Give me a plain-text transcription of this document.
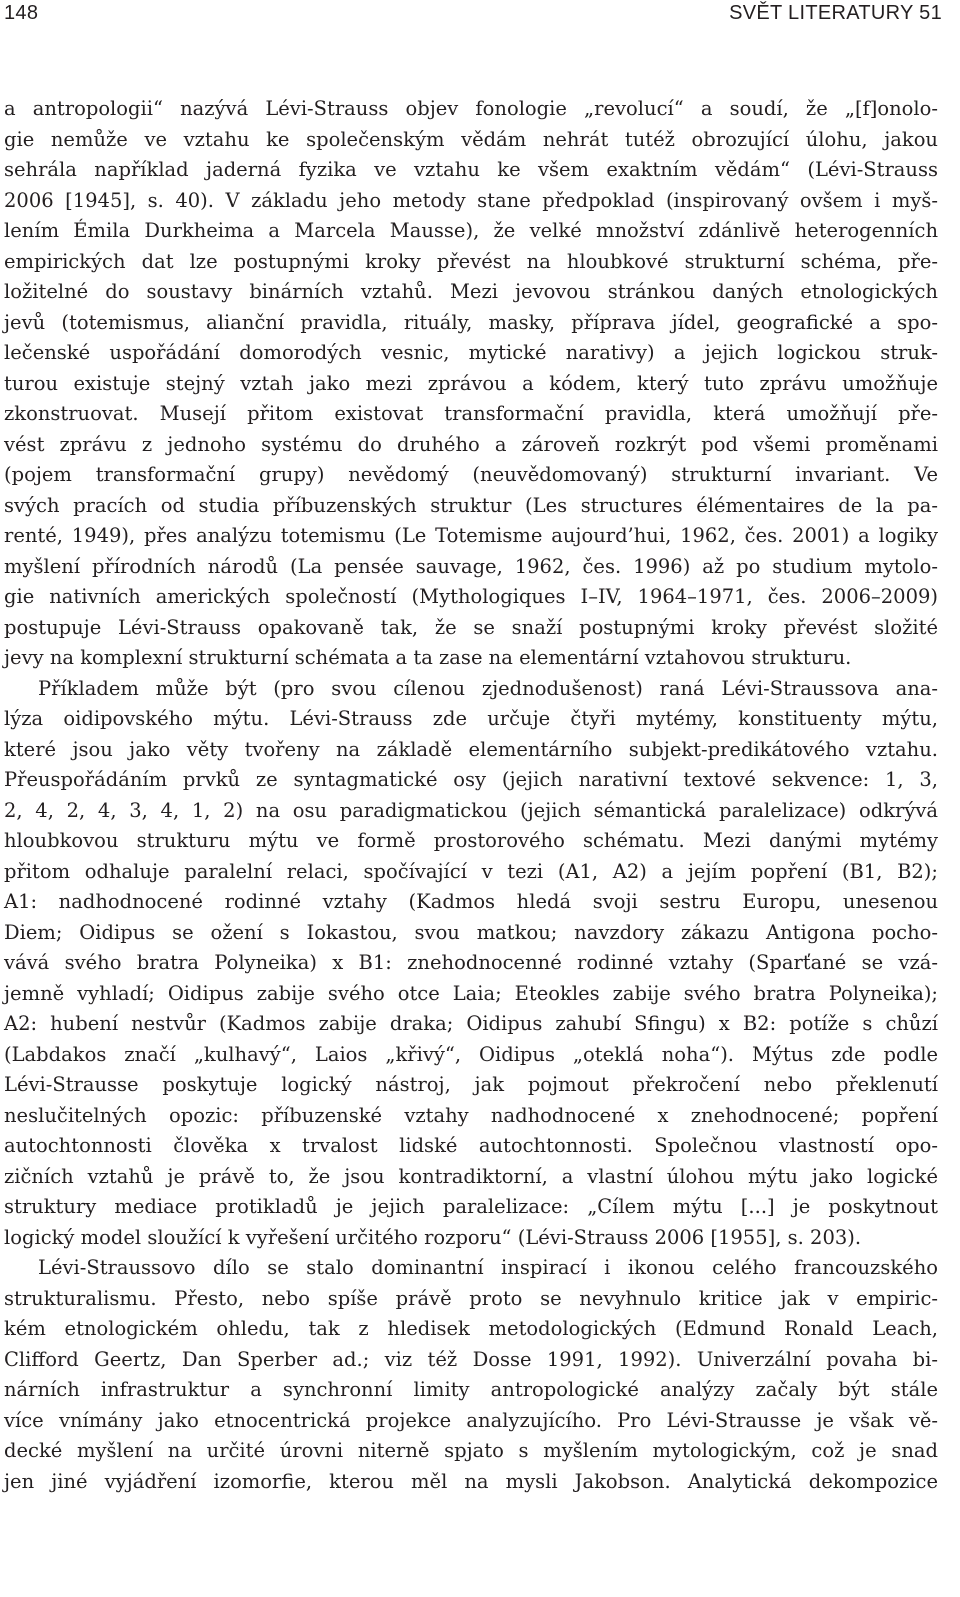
148	SVĚT LITERATURY 51
a antropologii“ nazývá Lévi-Strauss objev fonologie „revolucí“ a soudí, že „[f]onolo-
gie nemůže ve vztahu ke společenským vědám nehrát tutéž obrozující úlohu, jakou
sehrála například jaderná fyzika ve vztahu ke všem exaktním vědám“ (Lévi-Strauss
2006 [1945], s. 40). V základu jeho metody stane předpoklad (inspirovaný ovšem i myš-
lením Émila Durkheima a Marcela Mausse), že velké množství zdánlivě heterogenních
empirických dat lze postupnými kroky převést na hloubkové strukturní schéma, pře-
ložitelné do soustavy binárních vztahů. Mezi jevovou stránkou daných etnologických
jevů (totemismus, alianční pravidla, rituály, masky, příprava jídel, geografické a spo-
lečenské uspořádání domorodých vesnic, mytické narativy) a jejich logickou struk-
turou existuje stejný vztah jako mezi zprávou a kódem, který tuto zprávu umožňuje
zkonstruovat. Musejí přitom existovat transformační pravidla, která umožňují pře-
vést zprávu z jednoho systému do druhého a zároveň rozkrýt pod všemi proměnami
(pojem transformační grupy) nevědomý (neuvědomovaný) strukturní invariant. Ve
svých pracích od studia příbuzenských struktur (Les structures élémentaires de la pa-
renté, 1949), přes analýzu totemismu (Le Totemisme aujourd’hui, 1962, čes. 2001) a logiky
myšlení přírodních národů (La pensée sauvage, 1962, čes. 1996) až po studium mytolo-
gie nativních amerických společností (Mythologiques I–IV, 1964–1971, čes. 2006–2009)
postupuje Lévi-Strauss opakovaně tak, že se snaží postupnými kroky převést složité
jevy na komplexní strukturní schémata a ta zase na elementární vztahovou strukturu.
Příkladem může být (pro svou cílenou zjednodušenost) raná Lévi-Straussova ana-
lýza oidipovského mýtu. Lévi-Strauss zde určuje čtyři mytémy, konstituenty mýtu,
které jsou jako věty tvořeny na základě elementárního subjekt-predikátového vztahu.
Přeuspořádáním prvků ze syntagmatické osy (jejich narativní textové sekvence: 1, 3,
2, 4, 2, 4, 3, 4, 1, 2) na osu paradigmatickou (jejich sémantická paralelizace) odkrývá
hloubkovou strukturu mýtu ve formě prostorového schématu. Mezi danými mytémy
přitom odhaluje paralelní relaci, spočívající v tezi (A1, A2) a jejím popření (B1, B2);
A1: nadhodnocené rodinné vztahy (Kadmos hledá svoji sestru Europu, unesenou
Diem; Oidipus se ožení s Iokastou, svou matkou; navzdory zákazu Antigona pocho-
vává svého bratra Polyneika) x B1: znehodnocenné rodinné vztahy (Sparťané se vzá-
jemně vyhladí; Oidipus zabije svého otce Laia; Eteokles zabije svého bratra Polyneika);
A2: hubení nestvůr (Kadmos zabije draka; Oidipus zahubí Sfingu) x B2: potíže s chůzí
(Labdakos značí „kulhavý“, Laios „křivý“, Oidipus „oteklá noha“). Mýtus zde podle
Lévi-Strausse poskytuje logický nástroj, jak pojmout překročení nebo překlenutí
neslučitelných opozic: příbuzenské vztahy nadhodnocené x znehodnocené; popření
autochtonnosti člověka x trvalost lidské autochtonnosti. Společnou vlastností opo-
zičních vztahů je právě to, že jsou kontradiktorní, a vlastní úlohou mýtu jako logické
struktury mediace protikladů je jejich paralelizace: „Cílem mýtu [...] je poskytnout
logický model sloužící k vyřešení určitého rozporu“ (Lévi-Strauss 2006 [1955], s. 203).
Lévi-Straussovo dílo se stalo dominantní inspirací i ikonou celého francouzského
strukturalismu. Přesto, nebo spíše právě proto se nevyhnulo kritice jak v empiric-
kém etnologickém ohledu, tak z hledisek metodologických (Edmund Ronald Leach,
Clifford Geertz, Dan Sperber ad.; viz též Dosse 1991, 1992). Univerzální povaha bi-
nárních infrastruktur a synchronní limity antropologické analýzy začaly být stále
více vnímány jako etnocentrická projekce analyzujícího. Pro Lévi-Strausse je však vě-
decké myšlení na určité úrovni niterně spjato s myšlením mytologickým, což je snad
jen jiné vyjádření izomorfie, kterou měl na mysli Jakobson. Analytická dekompozice
